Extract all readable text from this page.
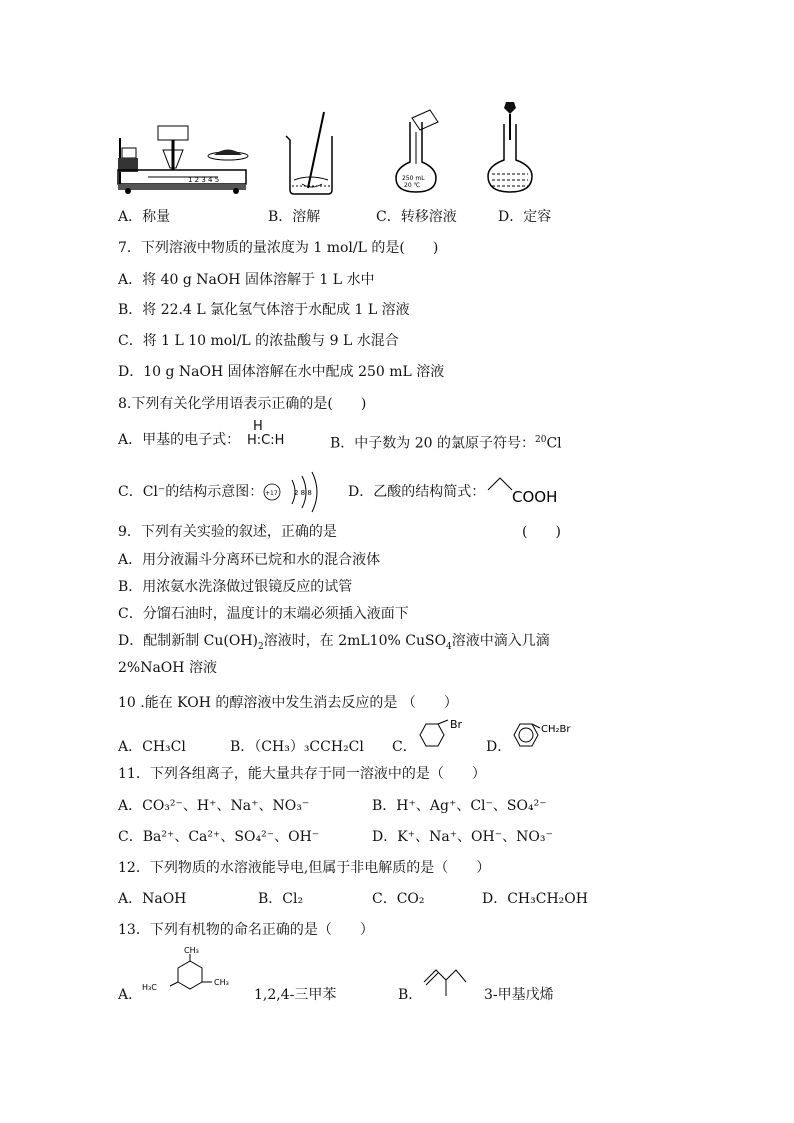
1 2 3 4 5	250 mL
20 ℃
A．称量	B．溶解	C．转移溶液	D．定容
7．下列溶液中物质的量浓度为 1 mol/L 的是(　　)
A．将 40 g NaOH 固体溶解于 1 L 水中
B．将 22.4 L 氯化氢气体溶于水配成 1 L 溶液
C．将 1 L 10 mol/L 的浓盐酸与 9 L 水混合
D．10 g NaOH 固体溶解在水中配成 250 mL 溶液
8.下列有关化学用语表示正确的是(　　)
A．甲基的电子式：
H
H:C:H	B．中子数为 20 的氯原子符号：$^{20}$Cl
C．Cl⁻的结构示意图： +17 2 8 8	D．乙酸的结构简式： COOH
9．下列有关实验的叙述，正确的是	(　　)
A．用分液漏斗分离环已烷和水的混合液体
B．用浓氨水洗涤做过银镜反应的试管
C．分馏石油时，温度计的末端必须插入液面下
D．配制新制 $Cu(OH)_2$溶液时，在 2mL10% CuSO$_4$溶液中滴入几滴
2%NaOH 溶液
10 .能在 KOH 的醇溶液中发生消去反应的是 （　　）
A．CH₃Cl	B．（CH₃）₃CCH₂Cl C．
Br
D．
CH₂Br
11．下列各组离子，能大量共存于同一溶液中的是（　　）
A．CO₃²⁻、H⁺、Na⁺、NO₃⁻	B．H⁺、Ag⁺、Cl⁻、SO₄²⁻
C．Ba²⁺、Ca²⁺、SO₄²⁻、OH⁻	D．K⁺、Na⁺、OH⁻、NO₃⁻
12．下列物质的水溶液能导电,但属于非电解质的是（　　）
A．NaOH	B．Cl₂	C．CO₂	D．CH₃CH₂OH
13．下列有机物的命名正确的是（　　）
A．
CH₃
H₃C
CH₃
1,2,4-三甲苯	B．	3-甲基戊烯
